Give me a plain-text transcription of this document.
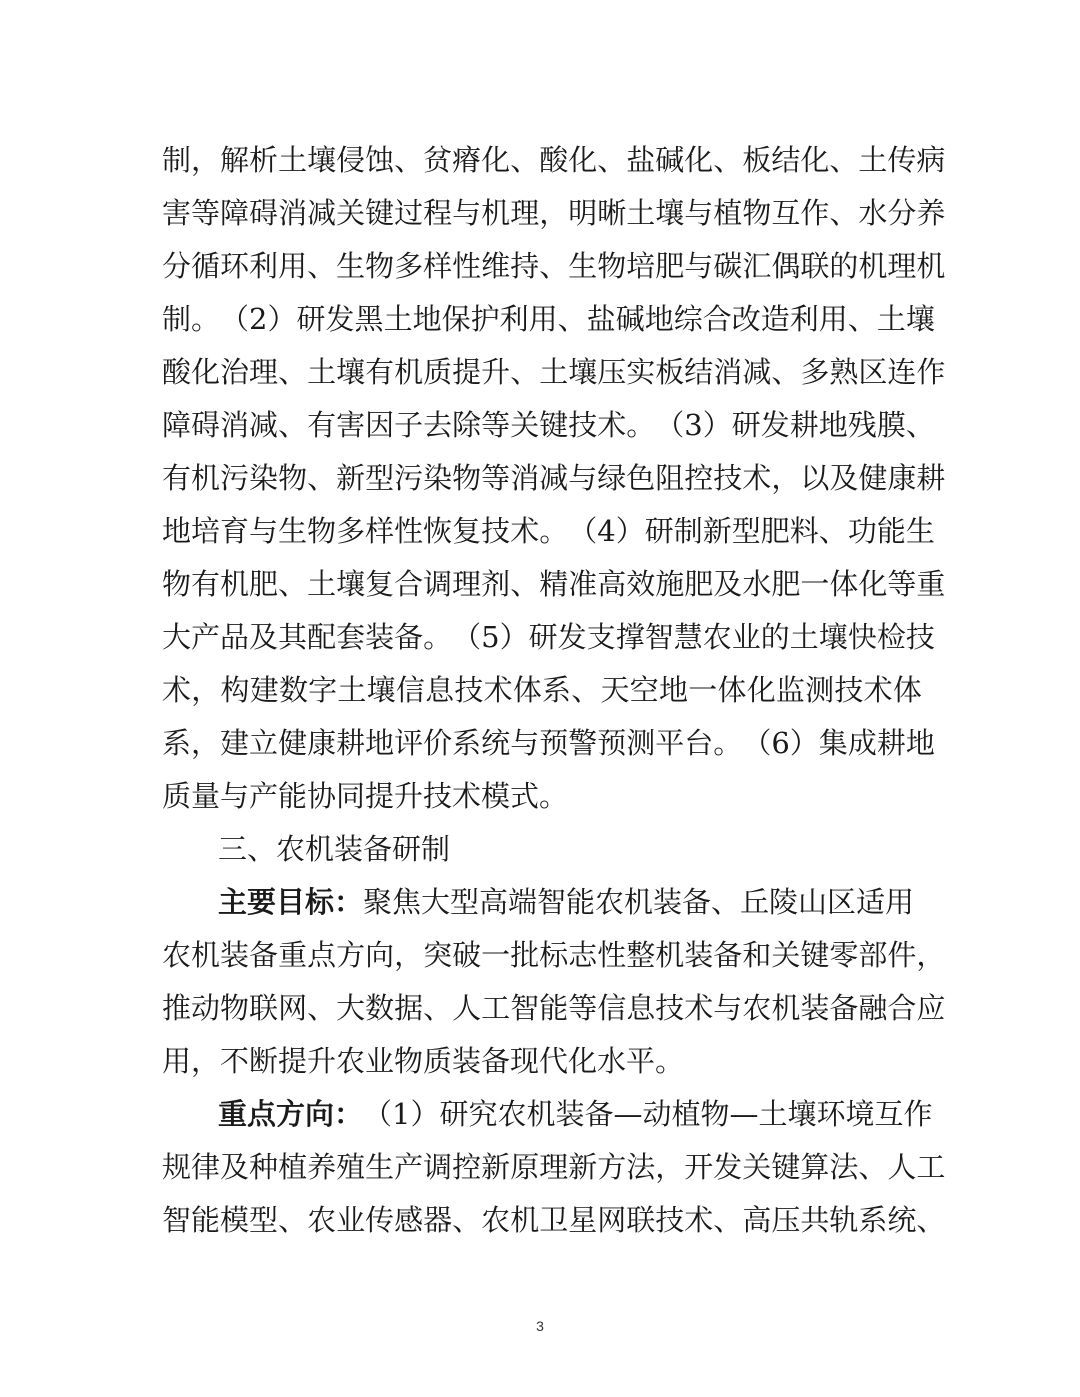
制 ， 解 析 土 壤 侵 蚀 、 贫 瘠 化 、 酸 化 、 盐 碱 化 、 板 结 化 、 土 传 病
害 等 障 碍 消 减 关 键 过 程 与 机 理 ， 明 晰 土 壤 与 植 物 互 作 、 水 分 养
分 循 环 利 用 、 生 物 多 样 性 维 持 、 生 物 培 肥 与 碳 汇 偶 联 的 机 理 机
制 。 （ 2 ） 研 发 黑 土 地 保 护 利 用 、 盐 碱 地 综 合 改 造 利 用 、 土 壤
酸 化 治 理 、 土 壤 有 机 质 提 升 、 土 壤 压 实 板 结 消 减 、 多 熟 区 连 作
障 碍 消 减 、 有 害 因 子 去 除 等 关 键 技 术 。 （ 3 ） 研 发 耕 地 残 膜 、
有 机 污 染 物 、 新 型 污 染 物 等 消 减 与 绿 色 阻 控 技 术 ， 以 及 健 康 耕
地 培 育 与 生 物 多 样 性 恢 复 技 术 。 （ 4 ） 研 制 新 型 肥 料 、 功 能 生
物 有 机 肥 、 土 壤 复 合 调 理 剂 、 精 准 高 效 施 肥 及 水 肥 一 体 化 等 重
大 产 品 及 其 配 套 装 备 。 （ 5 ） 研 发 支 撑 智 慧 农 业 的 土 壤 快 检 技
术 ， 构 建 数 字 土 壤 信 息 技 术 体 系 、 天 空 地 一 体 化 监 测 技 术 体
系 ， 建 立 健 康 耕 地 评 价 系 统 与 预 警 预 测 平 台 。 （ 6 ） 集 成 耕 地
质量与产能协同提升技术模式。
三、农机装备研制
主要目标： 聚焦大型高端智能农机装备、丘陵山区适用
农 机 装 备 重 点 方 向 ， 突 破 一 批 标 志 性 整 机 装 备 和 关 键 零 部 件 ，
推 动 物 联 网 、 大 数 据 、 人 工 智 能 等 信 息 技 术 与 农 机 装 备 融 合 应
用，不断提升农业物质装备现代化水平。
重点方向： （1）研究农机装备—动植物—土壤环境互作
规 律 及 种 植 养 殖 生 产 调 控 新 原 理 新 方 法 ， 开 发 关 键 算 法 、 人 工
智 能 模 型 、 农 业 传 感 器 、 农 机 卫 星 网 联 技 术 、 高 压 共 轨 系 统 、
3
